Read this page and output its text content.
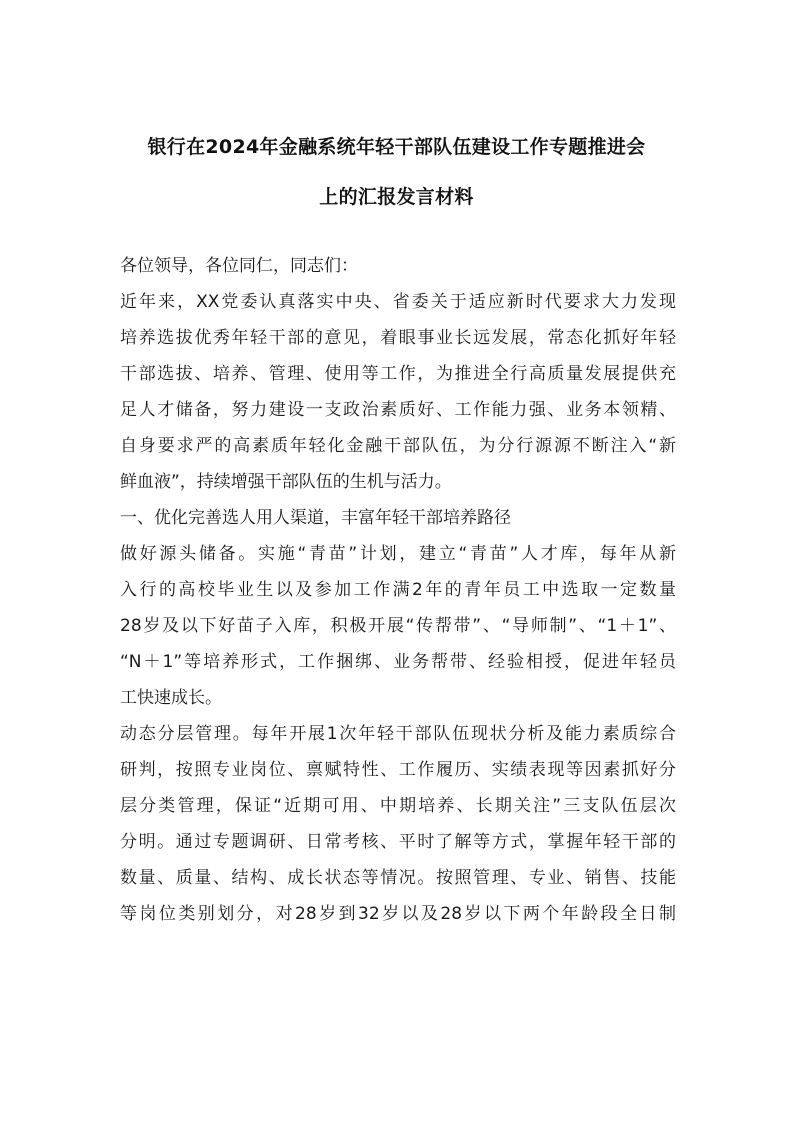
银行在2024年金融系统年轻干部队伍建设工作专题推进会
上的汇报发言材料
各位领导，各位同仁，同志们：
近年来，XX党委认真落实中央、省委关于适应新时代要求大力发现
培养选拔优秀年轻干部的意见，着眼事业长远发展，常态化抓好年轻
干部选拔、培养、管理、使用等工作，为推进全行高质量发展提供充
足人才储备，努力建设一支政治素质好、工作能力强、业务本领精、
自身要求严的高素质年轻化金融干部队伍，为分行源源不断注入“新
鲜血液”，持续增强干部队伍的生机与活力。
一、优化完善选人用人渠道，丰富年轻干部培养路径
做好源头储备。实施“青苗”计划，建立“青苗”人才库，每年从新
入行的高校毕业生以及参加工作满2年的青年员工中选取一定数量
28岁及以下好苗子入库，积极开展“传帮带”、“导师制”、“1＋1”、
“N＋1”等培养形式，工作捆绑、业务帮带、经验相授，促进年轻员
工快速成长。
动态分层管理。每年开展1次年轻干部队伍现状分析及能力素质综合
研判，按照专业岗位、禀赋特性、工作履历、实绩表现等因素抓好分
层分类管理，保证“近期可用、中期培养、长期关注”三支队伍层次
分明。通过专题调研、日常考核、平时了解等方式，掌握年轻干部的
数量、质量、结构、成长状态等情况。按照管理、专业、销售、技能
等岗位类别划分，对28岁到32岁以及28岁以下两个年龄段全日制
